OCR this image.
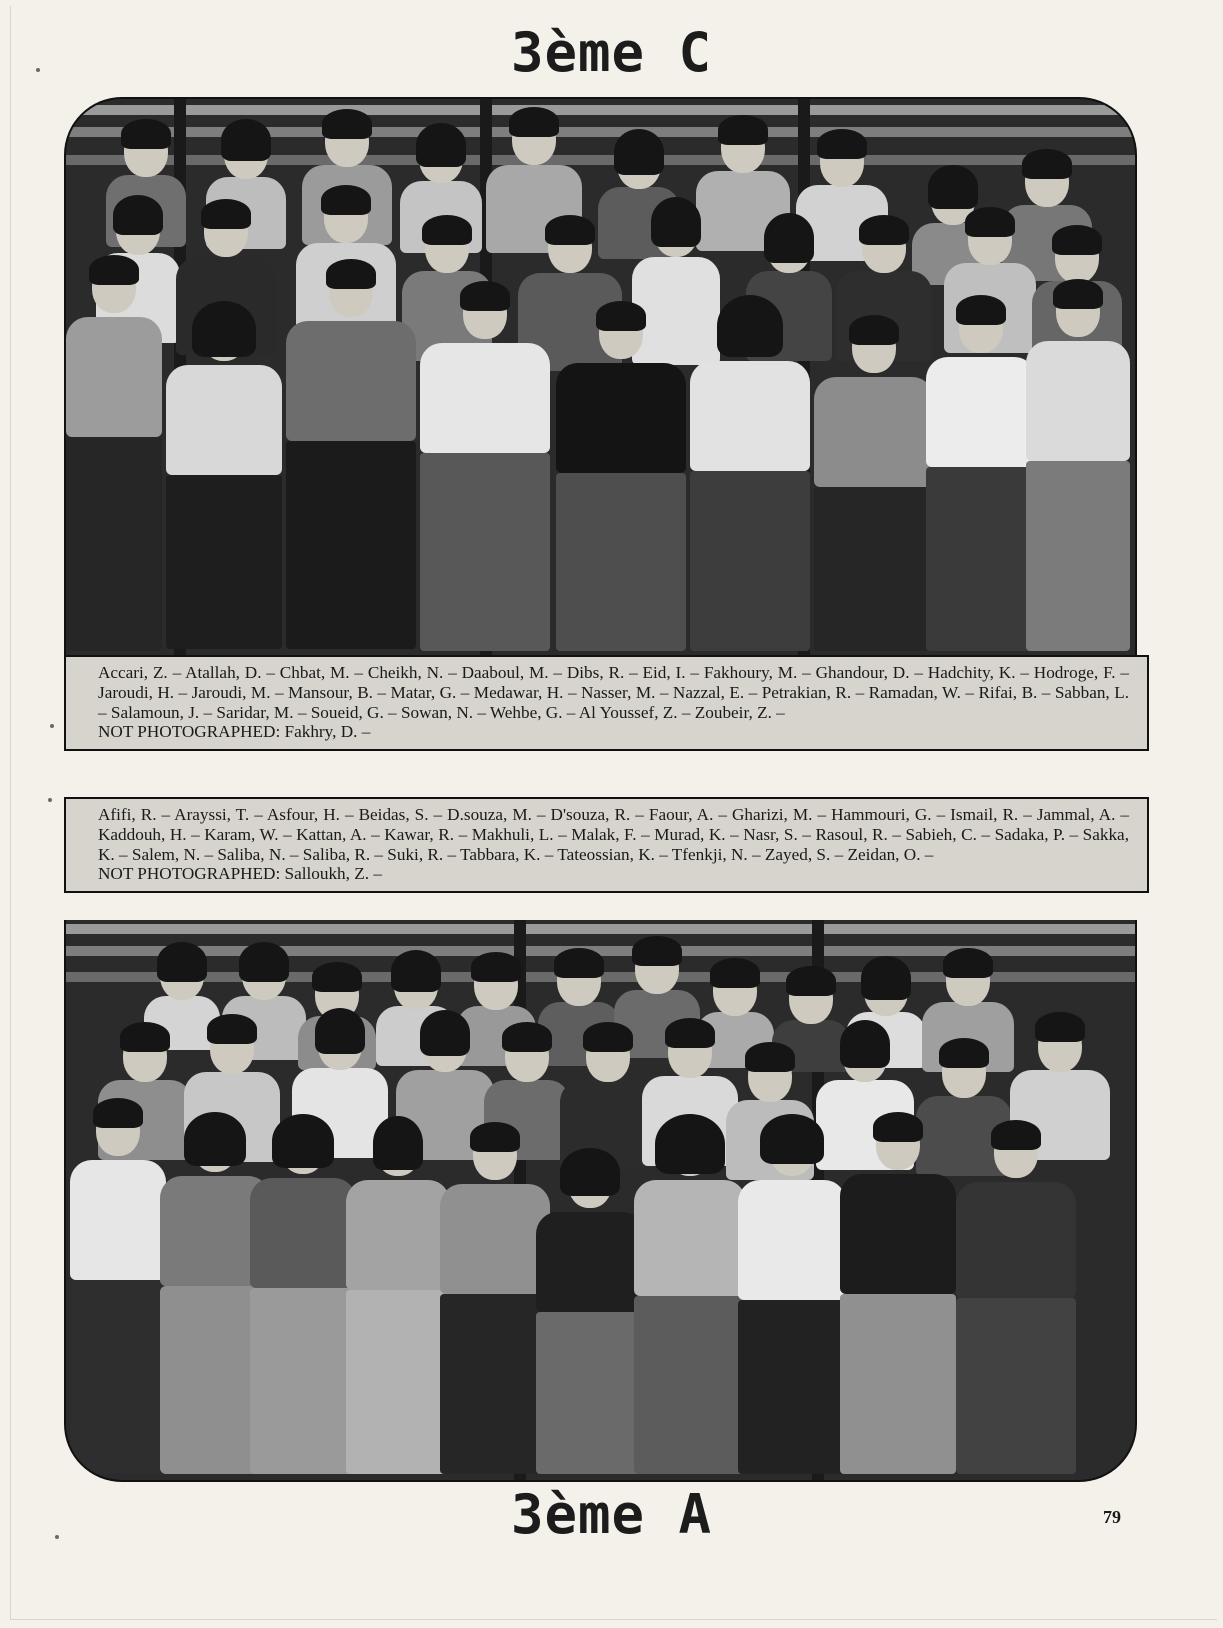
3ème C

Accari, Z. – Atallah, D. – Chbat, M. – Cheikh, N. – Daaboul, M. – Dibs, R. – Eid, I. – Fakhoury, M. – Ghandour, D. – Hadchity, K. – Hodroge, F. – Jaroudi, H. – Jaroudi, M. – Mansour, B. – Matar, G. – Medawar, H. – Nasser, M. – Nazzal, E. – Petrakian, R. – Ramadan, W. – Rifai, B. – Sabban, L. – Salamoun, J. – Saridar, M. – Soueid, G. – Sowan, N. – Wehbe, G. – Al Youssef, Z. – Zoubeir, Z. –

NOT PHOTOGRAPHED: Fakhry, D. –

Afifi, R. – Arayssi, T. – Asfour, H. – Beidas, S. – D.souza, M. – D'souza, R. – Faour, A. – Gharizi, M. – Hammouri, G. – Ismail, R. – Jammal, A. – Kaddouh, H. – Karam, W. – Kattan, A. – Kawar, R. – Makhuli, L. – Malak, F. – Murad, K. – Nasr, S. – Rasoul, R. – Sabieh, C. – Sadaka, P. – Sakka, K. – Salem, N. – Saliba, N. – Saliba, R. – Suki, R. – Tabbara, K. – Tateossian, K. – Tfenkji, N. – Zayed, S. – Zeidan, O. –

NOT PHOTOGRAPHED: Salloukh, Z. –

3ème A	79
